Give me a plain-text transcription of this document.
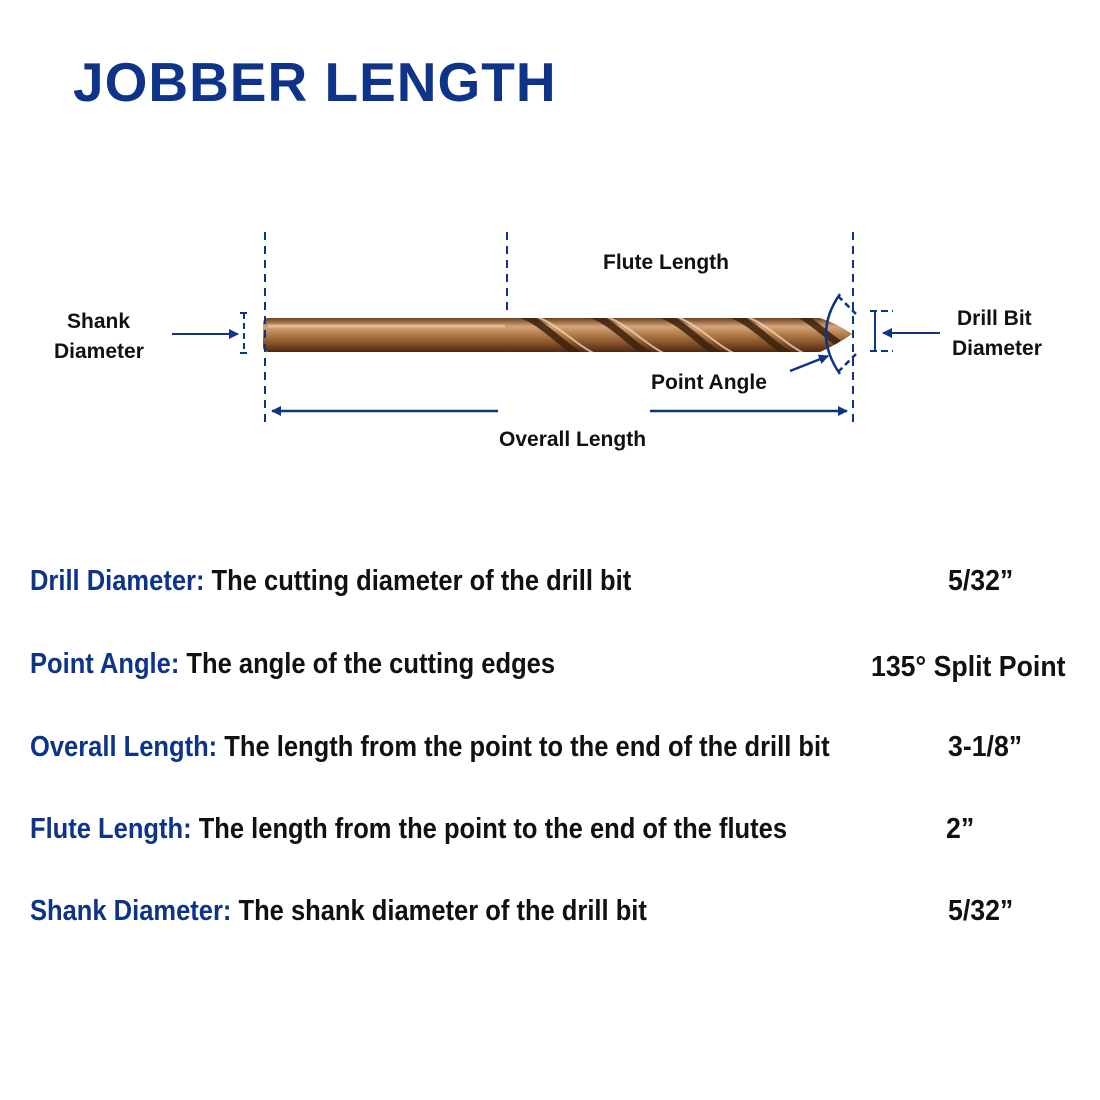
JOBBER LENGTH
Shank
Diameter
Flute Length
Drill Bit
Diameter
Point Angle
Overall Length
Drill Diameter: The cutting diameter of the drill bit	5/32”
Point Angle: The angle of the cutting edges	135° Split Point
Overall Length: The length from the point to the end of the drill bit	3-1/8”
Flute Length: The length from the point to the end of the flutes	2”
Shank Diameter: The shank diameter of the drill bit	5/32”
